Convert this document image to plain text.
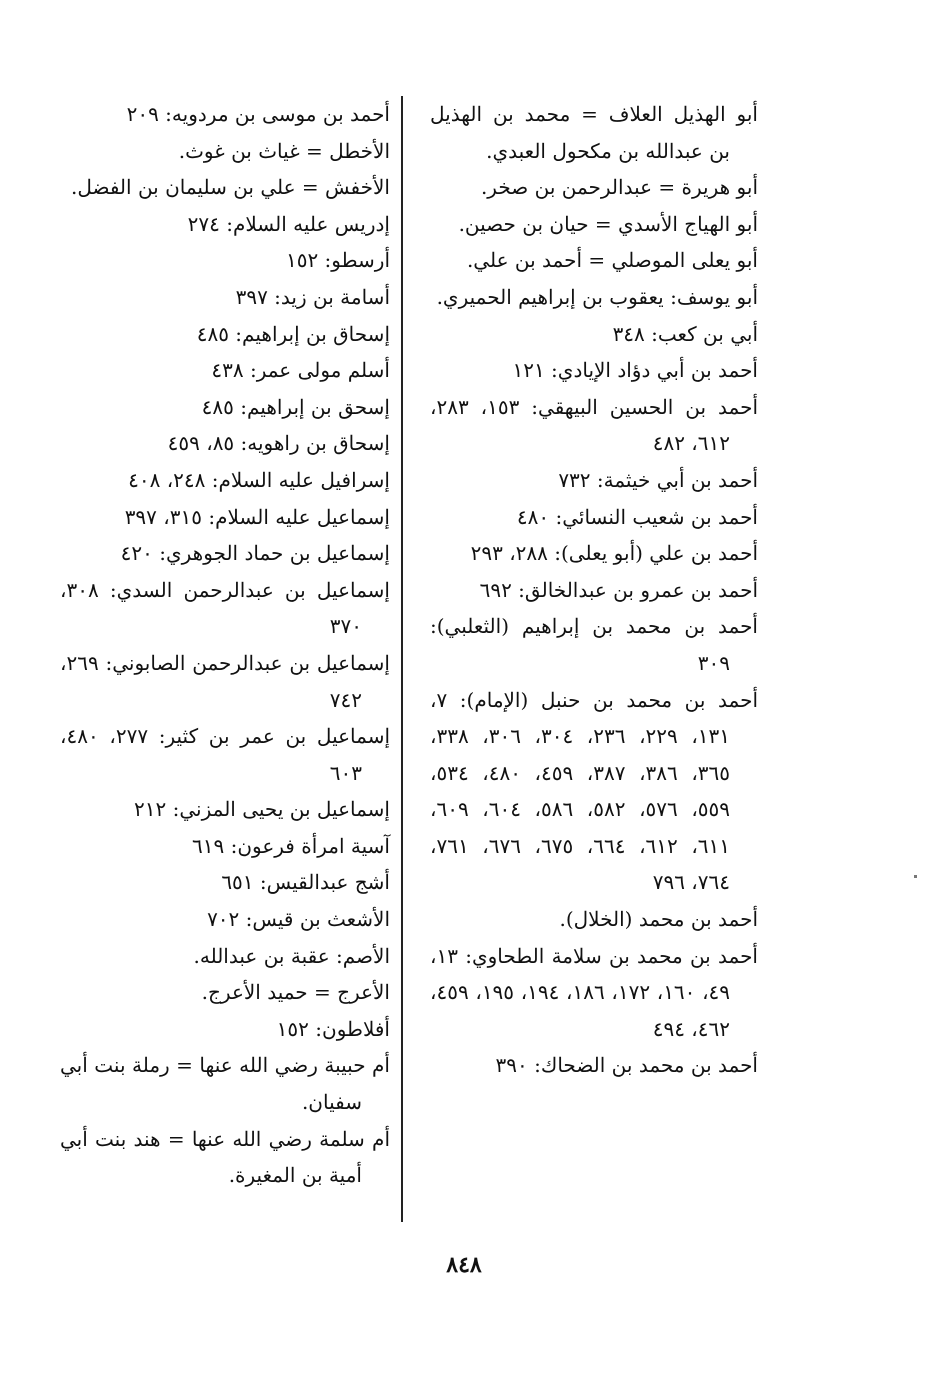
أبو الهذيل العلاف = محمد بن الهذيل بن عبدالله بن مكحول العبدي.

أبو هريرة = عبدالرحمن بن صخر.

أبو الهياج الأسدي = حيان بن حصين.

أبو يعلى الموصلي = أحمد بن علي.

أبو يوسف: يعقوب بن إبراهيم الحميري.

أبي بن كعب: ٣٤٨

أحمد بن أبي دؤاد الإيادي: ١٢١

أحمد بن الحسين البيهقي: ١٥٣، ٢٨٣، ٦١٢، ٤٨٢

أحمد بن أبي خيثمة: ٧٣٢

أحمد بن شعيب النسائي: ٤٨٠

أحمد بن علي (أبو يعلى): ٢٨٨، ٢٩٣

أحمد بن عمرو بن عبدالخالق: ٦٩٢

أحمد بن محمد بن إبراهيم (الثعلبي): ٣٠٩

أحمد بن محمد بن حنبل (الإمام): ٧، ١٣١، ٢٢٩، ٢٣٦، ٣٠٤، ٣٠٦، ٣٣٨، ٣٦٥، ٣٨٦، ٣٨٧، ٤٥٩، ٤٨٠، ٥٣٤، ٥٥٩، ٥٧٦، ٥٨٢، ٥٨٦، ٦٠٤، ٦٠٩، ٦١١، ٦١٢، ٦٦٤، ٦٧٥، ٦٧٦، ٧٦١، ٧٦٤، ٧٩٦

أحمد بن محمد (الخلال).

أحمد بن محمد بن سلامة الطحاوي: ١٣، ٤٩، ١٦٠، ١٧٢، ١٨٦، ١٩٤، ١٩٥، ٤٥٩، ٤٦٢، ٤٩٤

أحمد بن محمد بن الضحاك: ٣٩٠

أحمد بن موسى بن مردويه: ٢٠٩

الأخطل = غياث بن غوث.

الأخفش = علي بن سليمان بن الفضل.

إدريس عليه السلام: ٢٧٤

أرسطو: ١٥٢

أسامة بن زيد: ٣٩٧

إسحاق بن إبراهيم: ٤٨٥

أسلم مولى عمر: ٤٣٨

إسحق بن إبراهيم: ٤٨٥

إسحاق بن راهويه: ٨٥، ٤٥٩

إسرافيل عليه السلام: ٢٤٨، ٤٠٨

إسماعيل عليه السلام: ٣١٥، ٣٩٧

إسماعيل بن حماد الجوهري: ٤٢٠

إسماعيل بن عبدالرحمن السدي: ٣٠٨، ٣٧٠

إسماعيل بن عبدالرحمن الصابوني: ٢٦٩، ٧٤٢

إسماعيل بن عمر بن كثير: ٢٧٧، ٤٨٠، ٦٠٣

إسماعيل بن يحيى المزني: ٢١٢

آسية امرأة فرعون: ٦١٩

أشج عبدالقيس: ٦٥١

الأشعث بن قيس: ٧٠٢

الأصم: عقبة بن عبدالله.

الأعرج = حميد الأعرج.

أفلاطون: ١٥٢

أم حبيبة رضي الله عنها = رملة بنت أبي سفيان.

أم سلمة رضي الله عنها = هند بنت أبي أمية بن المغيرة.

٨٤٨
